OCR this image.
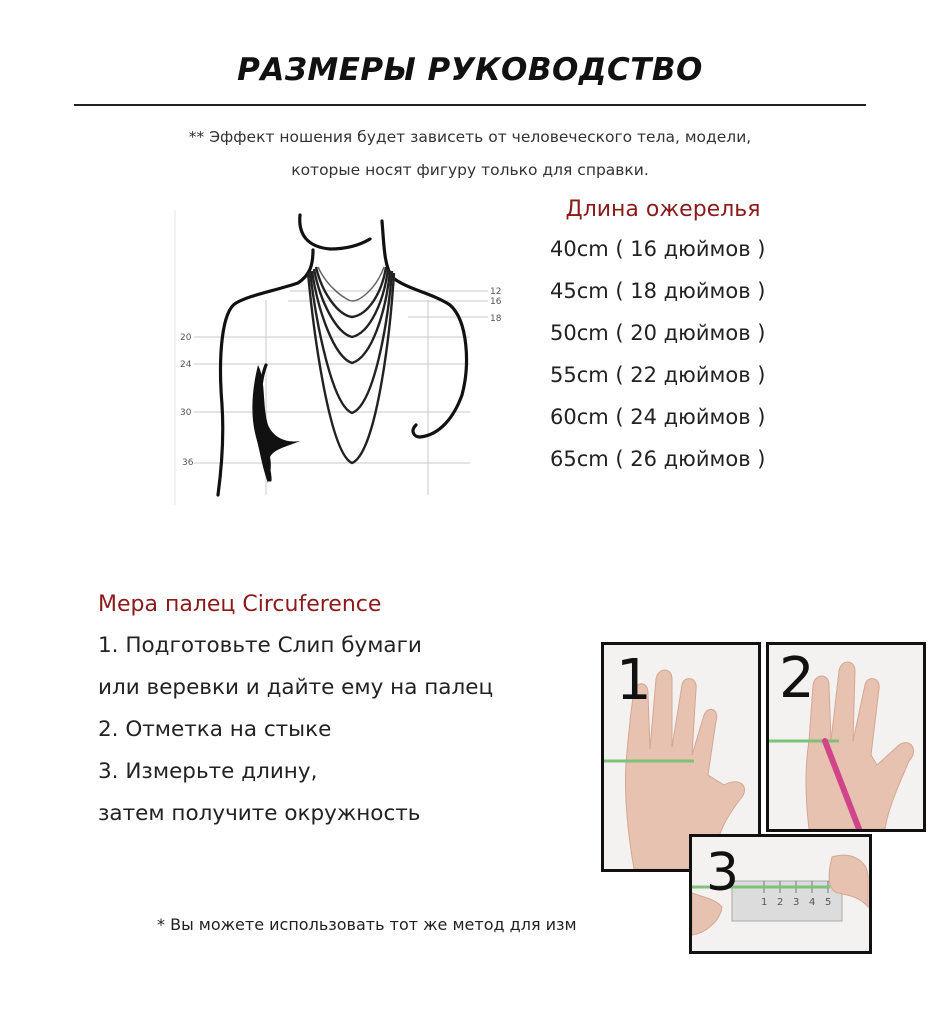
РАЗМЕРЫ РУКОВОДСТВО
** Эффект ношения будет зависеть от человеческого тела, модели,
которые носят фигуру только для справки.
12
16
18
20
24
30
36
Длина ожерелья
40cm ( 16 дюймов )
45cm ( 18 дюймов )
50cm ( 20 дюймов )
55cm ( 22 дюймов )
60cm ( 24 дюймов )
65cm ( 26 дюймов )
Мера палец Circuference
1. Подготовьте Слип бумаги
или веревки и дайте ему на палец
2. Отметка на стыке
3. Измерьте длину,
затем получите окружность
* Вы можете использовать тот же метод для изм
1 2
1 2 3 4 5
3
